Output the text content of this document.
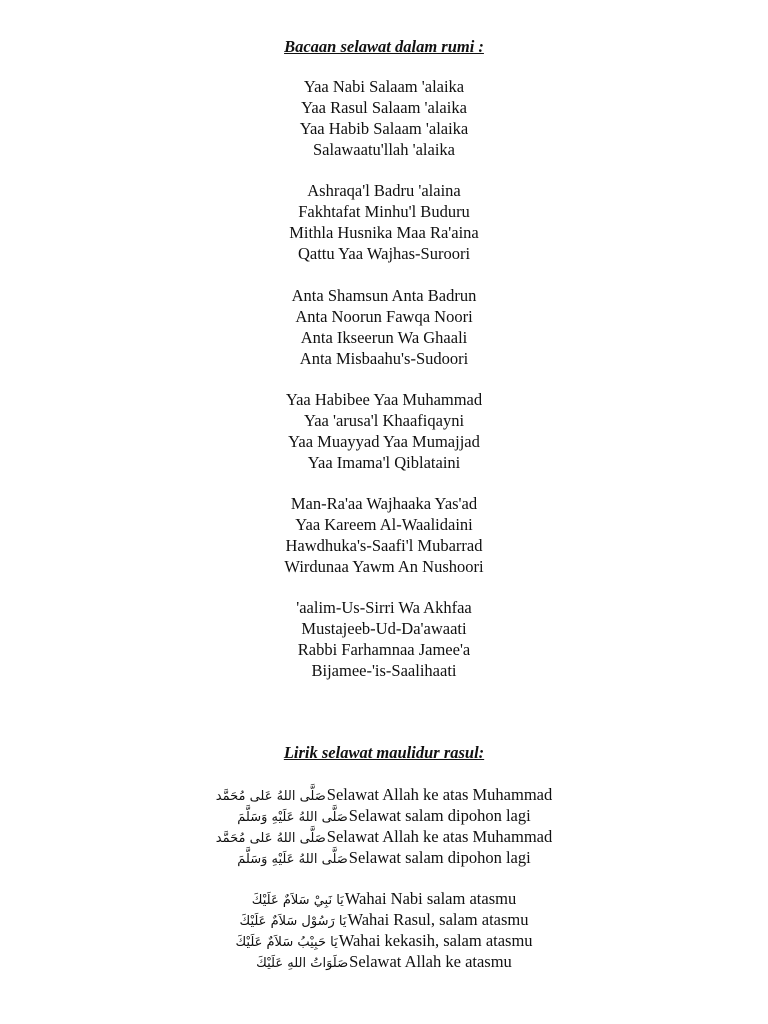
Bacaan selawat dalam rumi :
Yaa Nabi Salaam 'alaika
Yaa Rasul Salaam 'alaika
Yaa Habib Salaam 'alaika
Salawaatu'llah 'alaika
Ashraqa'l Badru 'alaina
Fakhtafat Minhu'l Buduru
Mithla Husnika Maa Ra'aina
Qattu Yaa Wajhas-Suroori
Anta Shamsun Anta Badrun
Anta Noorun Fawqa Noori
Anta Ikseerun Wa Ghaali
Anta Misbaahu's-Sudoori
Yaa Habibee Yaa Muhammad
Yaa 'arusa'l Khaafiqayni
Yaa Muayyad Yaa Mumajjad
Yaa Imama'l Qiblataini
Man-Ra'aa Wajhaaka Yas'ad
Yaa Kareem Al-Waalidaini
Hawdhuka's-Saafi'l Mubarrad
Wirdunaa Yawm An Nushoori
'aalim-Us-Sirri Wa Akhfaa
Mustajeeb-Ud-Da'awaati
Rabbi Farhamnaa Jamee'a
Bijamee-'is-Saalihaati
Lirik selawat maulidur rasul:
صَلَّى اللهُ عَلى مُحَمَّد Selawat Allah ke atas Muhammad
صَلَّى اللهُ عَلَيْهِ وَسَلَّمَ Selawat salam dipohon lagi
صَلَّى اللهُ عَلى مُحَمَّد Selawat Allah ke atas Muhammad
صَلَّى اللهُ عَلَيْهِ وَسَلَّمَ Selawat salam dipohon lagi
يَا نَبِيْ سَلاَمٌ عَلَيْكَ Wahai Nabi salam atasmu
يَا رَسُوْل سَلاَمٌ عَلَيْكَ Wahai Rasul, salam atasmu
يَا حَبِيْبُ سَلاَمٌ عَلَيْكَ Wahai kekasih, salam atasmu
صَلَوَاتُ اللهِ عَلَيْكَ Selawat Allah ke atasmu
